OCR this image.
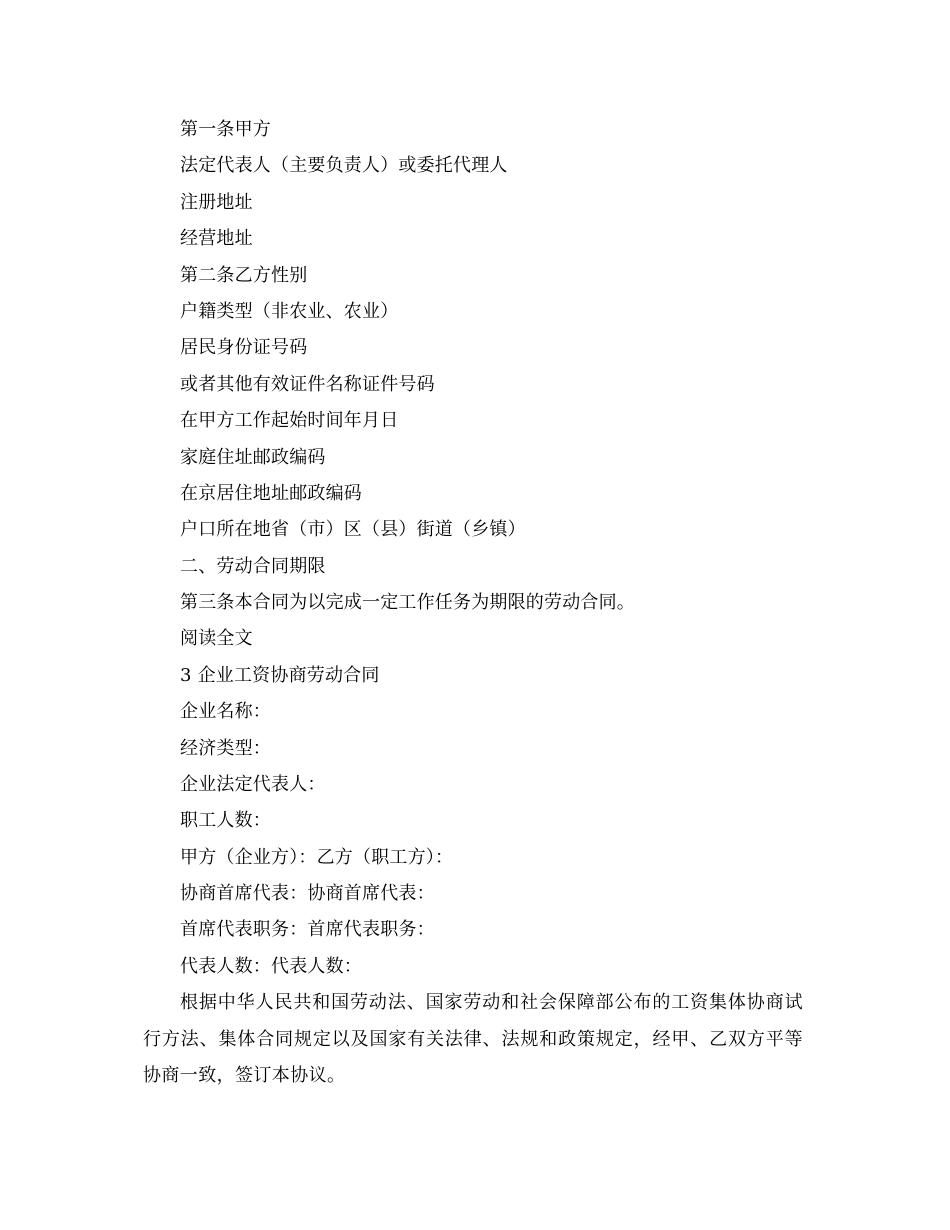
第一条甲方
法定代表人（主要负责人）或委托代理人
注册地址
经营地址
第二条乙方性别
户籍类型（非农业、农业）
居民身份证号码
或者其他有效证件名称证件号码
在甲方工作起始时间年月日
家庭住址邮政编码
在京居住地址邮政编码
户口所在地省（市）区（县）街道（乡镇）
二、劳动合同期限
第三条本合同为以完成一定工作任务为期限的劳动合同。
阅读全文
3 企业工资协商劳动合同
企业名称：
经济类型：
企业法定代表人：
职工人数：
甲方（企业方）：乙方（职工方）：
协商首席代表：协商首席代表：
首席代表职务：首席代表职务：
代表人数：代表人数：
根据中华人民共和国劳动法、国家劳动和社会保障部公布的工资集体协商试行方法、集体合同规定以及国家有关法律、法规和政策规定，经甲、乙双方平等协商一致，签订本协议。
